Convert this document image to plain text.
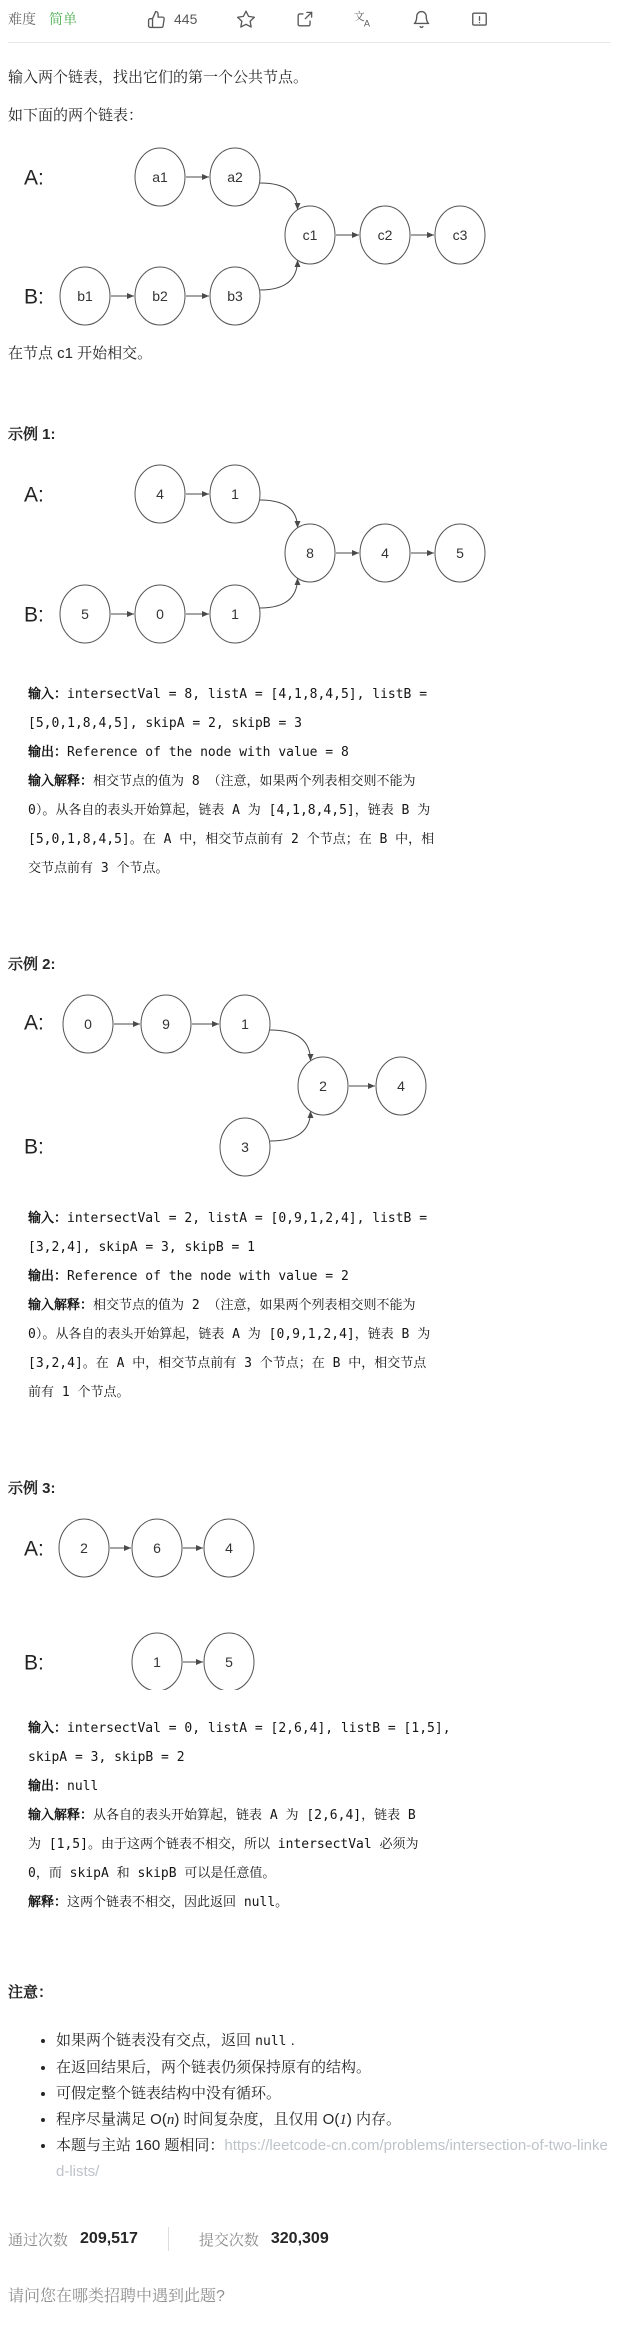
难度 简单	445	文
A

输入两个链表，找出它们的第一个公共节点。

如下面的两个链表：

a1	a2
c1	c2	c3
b1	b2	b3
A:
B:

在节点 c1 开始相交。

示例 1:
4	1
8	4	5
5	0	1
A:
B:
输入：intersectVal = 8, listA = [4,1,8,4,5], listB =
[5,0,1,8,4,5], skipA = 2, skipB = 3
输出：Reference of the node with value = 8
输入解释：相交节点的值为 8 （注意，如果两个列表相交则不能为
0）。从各自的表头开始算起，链表 A 为 [4,1,8,4,5]，链表 B 为
[5,0,1,8,4,5]。在 A 中，相交节点前有 2 个节点；在 B 中，相
交节点前有 3 个节点。
示例 2:
0	9	1
2	4
3
A:
B:
输入：intersectVal = 2, listA = [0,9,1,2,4], listB =
[3,2,4], skipA = 3, skipB = 1
输出：Reference of the node with value = 2
输入解释：相交节点的值为 2 （注意，如果两个列表相交则不能为
0）。从各自的表头开始算起，链表 A 为 [0,9,1,2,4]，链表 B 为
[3,2,4]。在 A 中，相交节点前有 3 个节点；在 B 中，相交节点
前有 1 个节点。
示例 3:
2	6	4
1	5
A:
B:
输入：intersectVal = 0, listA = [2,6,4], listB = [1,5],
skipA = 3, skipB = 2
输出：null
输入解释：从各自的表头开始算起，链表 A 为 [2,6,4]，链表 B
为 [1,5]。由于这两个链表不相交，所以 intersectVal 必须为
0，而 skipA 和 skipB 可以是任意值。
解释：这两个链表不相交，因此返回 null。
注意：
• 如果两个链表没有交点，返回 null .
• 在返回结果后，两个链表仍须保持原有的结构。
• 可假定整个链表结构中没有循环。
• 程序尽量满足 O(n) 时间复杂度，且仅用 O(1) 内存。
• 本题与主站 160 题相同：https://leetcode-cn.com/problems/intersection-of-two-linked-lists/
通过次数 209,517	提交次数 320,309
请问您在哪类招聘中遇到此题?
